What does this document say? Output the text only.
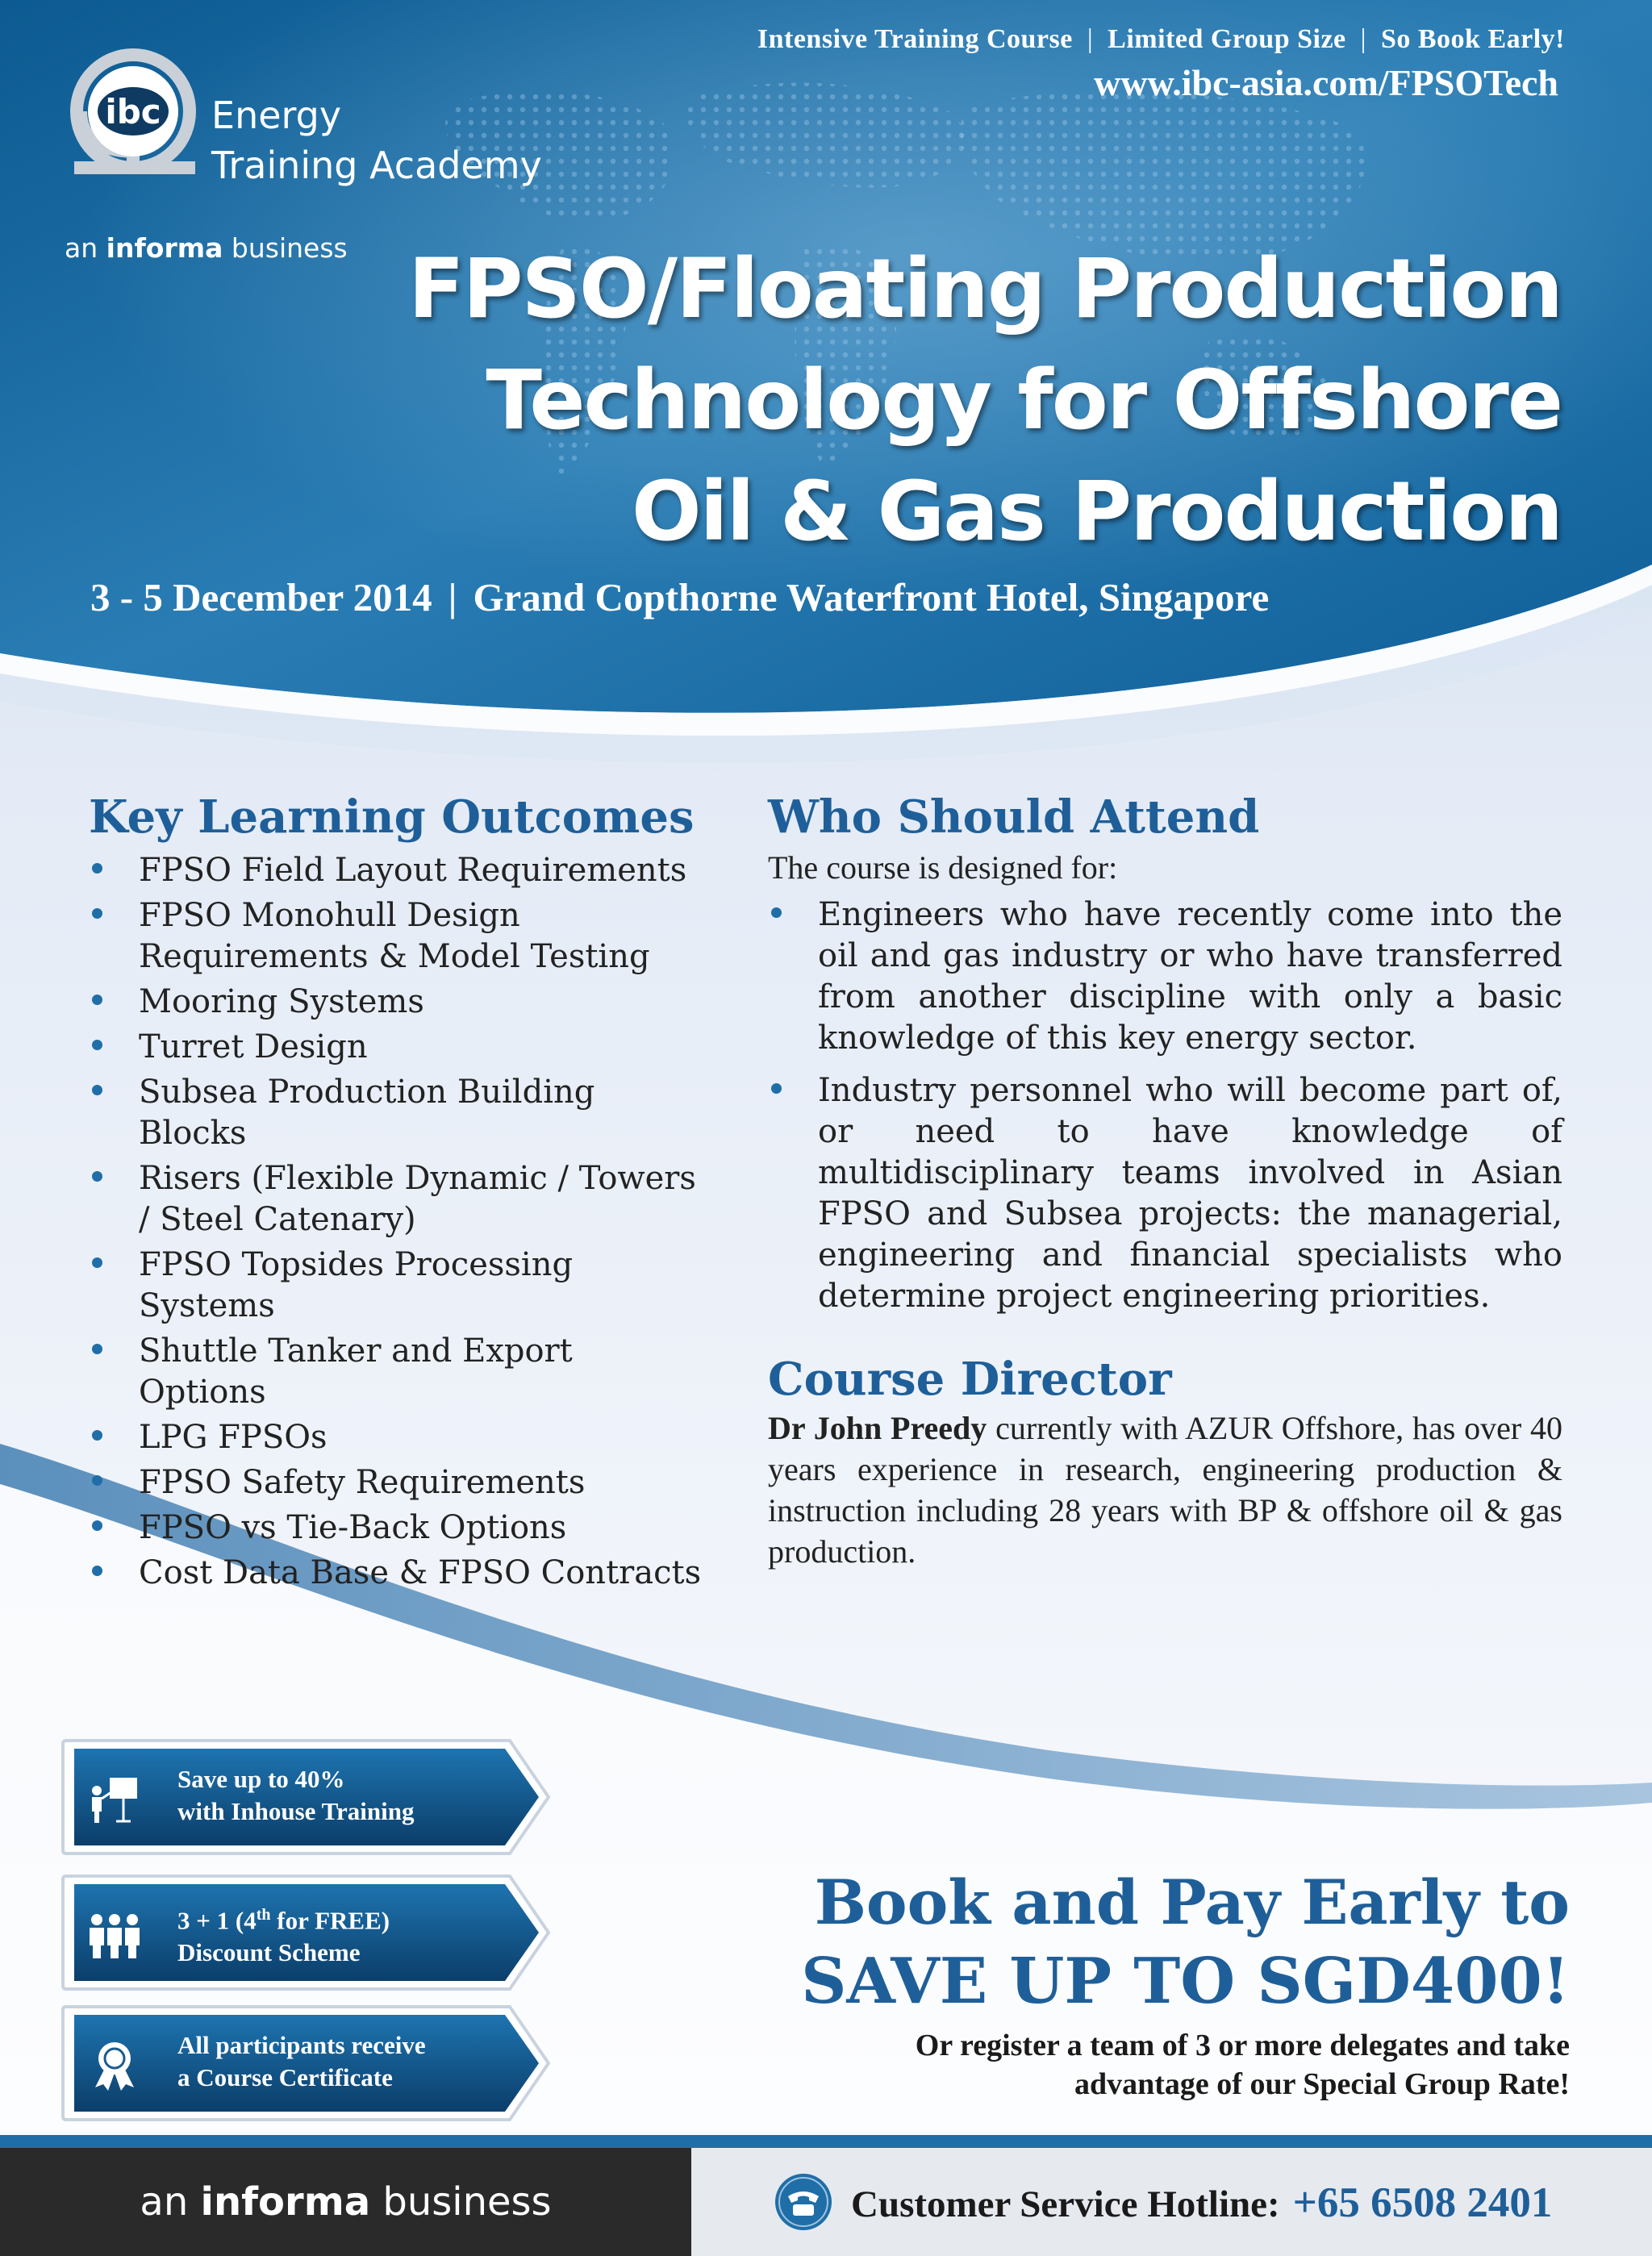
Intensive Training Course | Limited Group Size | So Book Early!
www.ibc-asia.com/FPSOTech
ibc Energy
Training Academy
an informa business FPSO/Floating Production
Technology for Offshore
Oil & Gas Production
3 - 5 December 2014 | Grand Copthorne Waterfront Hotel, Singapore
Key Learning Outcomes
FPSO Field Layout Requirements
FPSO Monohull Design Requirements & Model Testing
Mooring Systems
Turret Design
Subsea Production Building Blocks
Risers (Flexible Dynamic / Towers / Steel Catenary)
FPSO Topsides Processing Systems
Shuttle Tanker and Export Options
LPG FPSOs
FPSO Safety Requirements
FPSO vs Tie-Back Options
Cost Data Base & FPSO Contracts
Who Should Attend

The course is designed for:

Engineers who have recently come into the oil and gas industry or who have transferred from another discipline with only a basic knowledge of this key energy sector.
Industry personnel who will become part of, or need to have knowledge of multidisciplinary teams involved in Asian FPSO and Subsea projects: the managerial, engineering and financial specialists who determine project engineering priorities.
Course Director

Dr John Preedy currently with AZUR Offshore, has over 40 years experience in research, engineering production & instruction including 28 years with BP & offshore oil & gas production.

Save up to 40%
with Inhouse Training
3 + 1 (4th for FREE)
Discount Scheme
All participants receive
a Course Certificate
Book and Pay Early to
SAVE UP TO SGD400!
Or register a team of 3 or more delegates and take
advantage of our Special Group Rate!
an informa business	Customer Service Hotline: +65 6508 2401
